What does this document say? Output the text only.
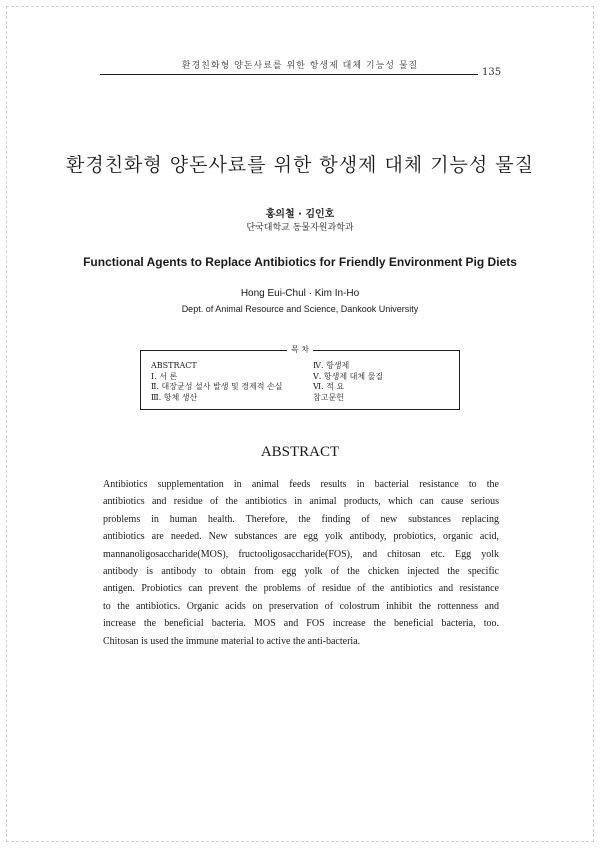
환경친화형 양돈사료를 위한 항생제 대체 기능성 물질
135
환경친화형 양돈사료를 위한 항생제 대체 기능성 물질
홍의철 · 김인호
단국대학교 동물자원과학과
Functional Agents to Replace Antibiotics for Friendly Environment Pig Diets
Hong Eui-Chul · Kim In-Ho
Dept. of Animal Resource and Science, Dankook University
목 차
ABSTRACT
Ⅰ. 서 론
Ⅱ. 대장균성 설사 발생 및 경제적 손실
Ⅲ. 항체 생산
Ⅳ. 항생제
Ⅴ. 항생제 대체 물질
Ⅵ. 적 요
참고문헌
ABSTRACT
Antibiotics supplementation in animal feeds results in bacterial resistance to the
antibiotics and residue of the antibiotics in animal products, which can cause serious
problems in human health. Therefore, the finding of new substances replacing
antibiotics are needed. New substances are egg yolk antibody, probiotics, organic acid,
mannanoligosaccharide(MOS), fructooligosaccharide(FOS), and chitosan etc. Egg yolk
antibody is antibody to obtain from egg yolk of the chicken injected the specific
antigen. Probiotics can prevent the problems of residue of the antibiotics and resistance
to the antibiotics. Organic acids on preservation of colostrum inhibit the rottenness and
increase the beneficial bacteria. MOS and FOS increase the beneficial bacteria, too.
Chitosan is used the immune material to active the anti-bacteria.
